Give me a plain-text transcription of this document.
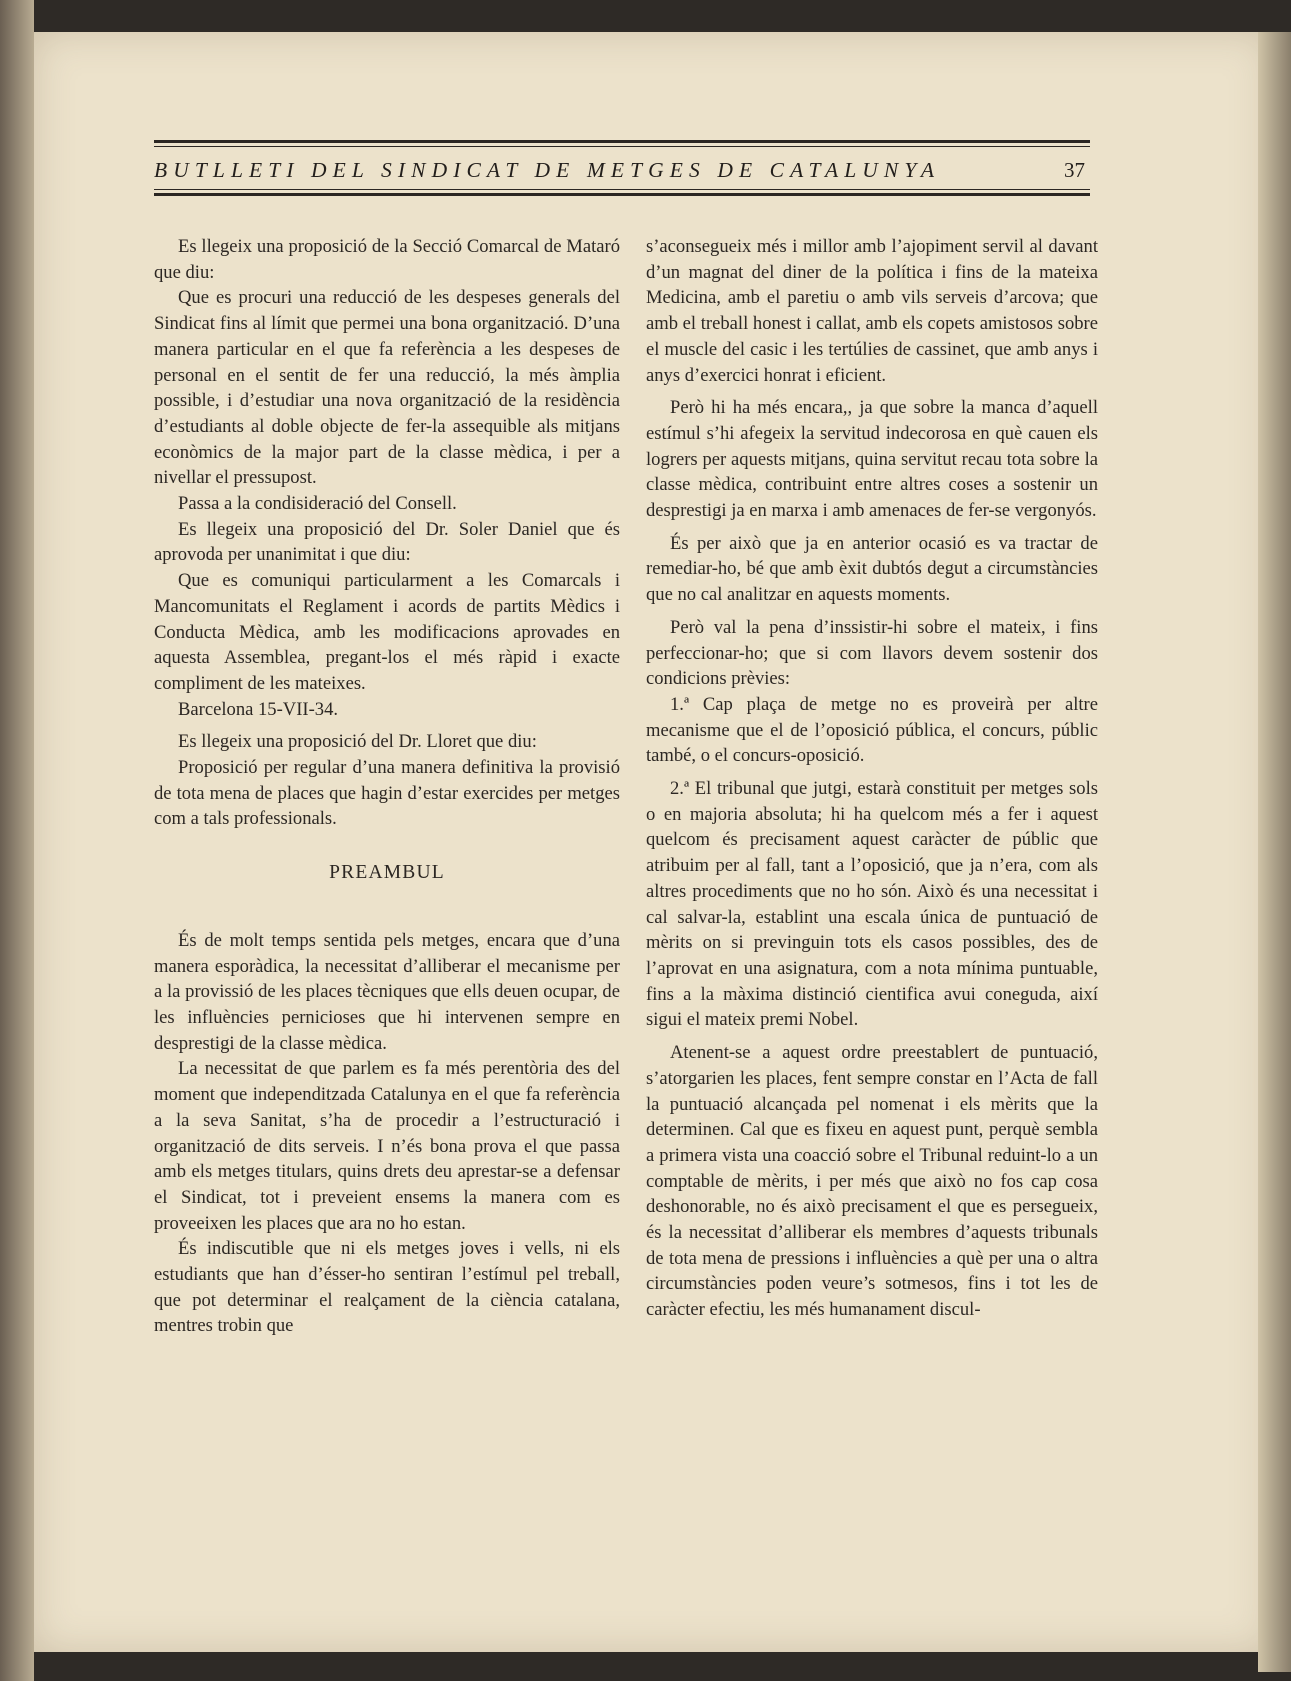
BUTLLETI DEL SINDICAT DE METGES DE CATALUNYA	37

Es llegeix una proposició de la Secció Comarcal de Mataró que diu:

Que es procuri una reducció de les despeses generals del Sindicat fins al límit que permei una bona organització. D’una manera particular en el que fa referència a les despeses de personal en el sentit de fer una reducció, la més àmplia possible, i d’estudiar una nova organització de la residència d’estudiants al doble objecte de fer-la assequible als mitjans econòmics de la major part de la classe mèdica, i per a nivellar el pressupost.

Passa a la condisideració del Consell.

Es llegeix una proposició del Dr. Soler Daniel que és aprovoda per unanimitat i que diu:

Que es comuniqui particularment a les Comarcals i Mancomunitats el Reglament i acords de partits Mèdics i Conducta Mèdica, amb les modificacions aprovades en aquesta Assemblea, pregant-los el més ràpid i exacte compliment de les mateixes.

Barcelona 15-VII-34.

Es llegeix una proposició del Dr. Lloret que diu:

Proposició per regular d’una manera definitiva la provisió de tota mena de places que hagin d’estar exercides per metges com a tals professionals.

PREAMBUL

És de molt temps sentida pels metges, encara que d’una manera esporàdica, la necessitat d’alliberar el mecanisme per a la provissió de les places tècniques que ells deuen ocupar, de les influències pernicioses que hi intervenen sempre en desprestigi de la classe mèdica.

La necessitat de que parlem es fa més perentòria des del moment que independitzada Catalunya en el que fa referència a la seva Sanitat, s’ha de procedir a l’estructuració i organització de dits serveis. I n’és bona prova el que passa amb els metges titulars, quins drets deu aprestar-se a defensar el Sindicat, tot i preveient ensems la manera com es proveeixen les places que ara no ho estan.

És indiscutible que ni els metges joves i vells, ni els estudiants que han d’ésser-ho sentiran l’estímul pel treball, que pot determinar el realçament de la ciència catalana, mentres trobin que

s’aconsegueix més i millor amb l’ajopiment servil al davant d’un magnat del diner de la política i fins de la mateixa Medicina, amb el paretiu o amb vils serveis d’arcova; que amb el treball honest i callat, amb els copets amistosos sobre el muscle del casic i les tertúlies de cassinet, que amb anys i anys d’exercici honrat i eficient.

Però hi ha més encara,, ja que sobre la manca d’aquell estímul s’hi afegeix la servitud indecorosa en què cauen els logrers per aquests mitjans, quina servitut recau tota sobre la classe mèdica, contribuint entre altres coses a sostenir un desprestigi ja en marxa i amb amenaces de fer-se vergonyós.

És per això que ja en anterior ocasió es va tractar de remediar-ho, bé que amb èxit dubtós degut a circumstàncies que no cal analitzar en aquests moments.

Però val la pena d’inssistir-hi sobre el mateix, i fins perfeccionar-ho; que si com llavors devem sostenir dos condicions prèvies:

1.ª Cap plaça de metge no es proveirà per altre mecanisme que el de l’oposició pública, el concurs, públic també, o el concurs-oposició.

2.ª El tribunal que jutgi, estarà constituit per metges sols o en majoria absoluta; hi ha quelcom més a fer i aquest quelcom és precisament aquest caràcter de públic que atribuim per al fall, tant a l’oposició, que ja n’era, com als altres procediments que no ho són. Això és una necessitat i cal salvar-la, establint una escala única de puntuació de mèrits on si previnguin tots els casos possibles, des de l’aprovat en una asignatura, com a nota mínima puntuable, fins a la màxima distinció cientifica avui coneguda, així sigui el mateix premi Nobel.

Atenent-se a aquest ordre preestablert de puntuació, s’atorgarien les places, fent sempre constar en l’Acta de fall la puntuació alcançada pel nomenat i els mèrits que la determinen. Cal que es fixeu en aquest punt, perquè sembla a primera vista una coacció sobre el Tribunal reduint-lo a un comptable de mèrits, i per més que això no fos cap cosa deshonorable, no és això precisament el que es persegueix, és la necessitat d’alliberar els membres d’aquests tribunals de tota mena de pressions i influències a què per una o altra circumstàncies poden veure’s sotmesos, fins i tot les de caràcter efectiu, les més humanament discul-
